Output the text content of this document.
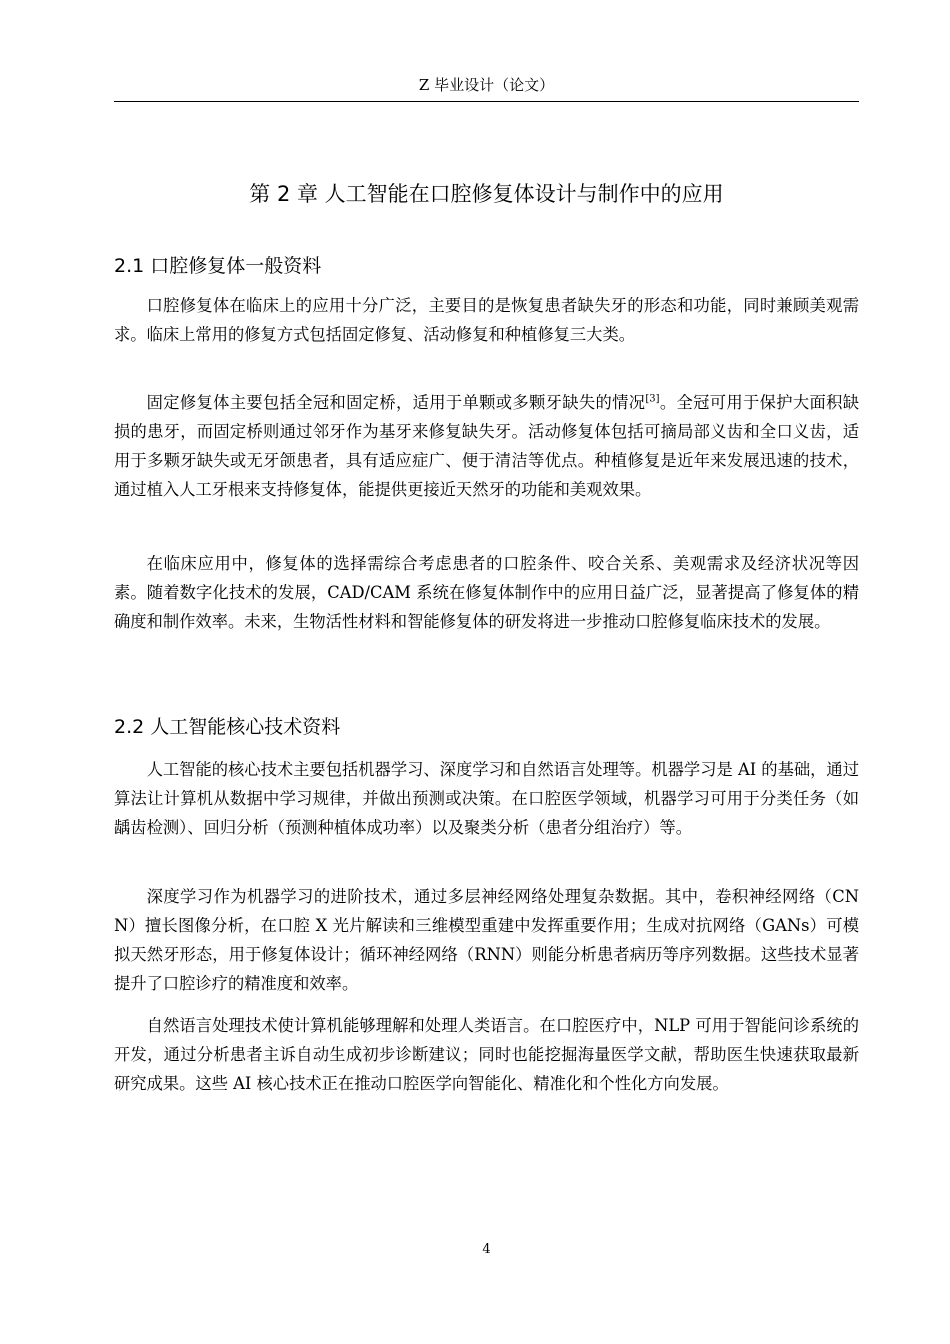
Z 毕业设计（论文）
第 2 章 人工智能在口腔修复体设计与制作中的应用
2.1 口腔修复体一般资料

口腔修复体在临床上的应用十分广泛，主要目的是恢复患者缺失牙的形态和功能，同时兼顾美观需求。临床上常用的修复方式包括固定修复、活动修复和种植修复三大类。

固定修复体主要包括全冠和固定桥，适用于单颗或多颗牙缺失的情况[3]。全冠可用于保护大面积缺损的患牙，而固定桥则通过邻牙作为基牙来修复缺失牙。活动修复体包括可摘局部义齿和全口义齿，适用于多颗牙缺失或无牙颌患者，具有适应症广、便于清洁等优点。种植修复是近年来发展迅速的技术，通过植入人工牙根来支持修复体，能提供更接近天然牙的功能和美观效果。

在临床应用中，修复体的选择需综合考虑患者的口腔条件、咬合关系、美观需求及经济状况等因素。随着数字化技术的发展，CAD/CAM 系统在修复体制作中的应用日益广泛，显著提高了修复体的精确度和制作效率。未来，生物活性材料和智能修复体的研发将进一步推动口腔修复临床技术的发展。

2.2 人工智能核心技术资料

人工智能的核心技术主要包括机器学习、深度学习和自然语言处理等。机器学习是 AI 的基础，通过算法让计算机从数据中学习规律，并做出预测或决策。在口腔医学领域，机器学习可用于分类任务（如龋齿检测）、回归分析（预测种植体成功率）以及聚类分析（患者分组治疗）等。

深度学习作为机器学习的进阶技术，通过多层神经网络处理复杂数据。其中，卷积神经网络（CNN）擅长图像分析，在口腔 X 光片解读和三维模型重建中发挥重要作用；生成对抗网络（GANs）可模拟天然牙形态，用于修复体设计；循环神经网络（RNN）则能分析患者病历等序列数据。这些技术显著提升了口腔诊疗的精准度和效率。

自然语言处理技术使计算机能够理解和处理人类语言。在口腔医疗中，NLP 可用于智能问诊系统的开发，通过分析患者主诉自动生成初步诊断建议；同时也能挖掘海量医学文献，帮助医生快速获取最新研究成果。这些 AI 核心技术正在推动口腔医学向智能化、精准化和个性化方向发展。

4
